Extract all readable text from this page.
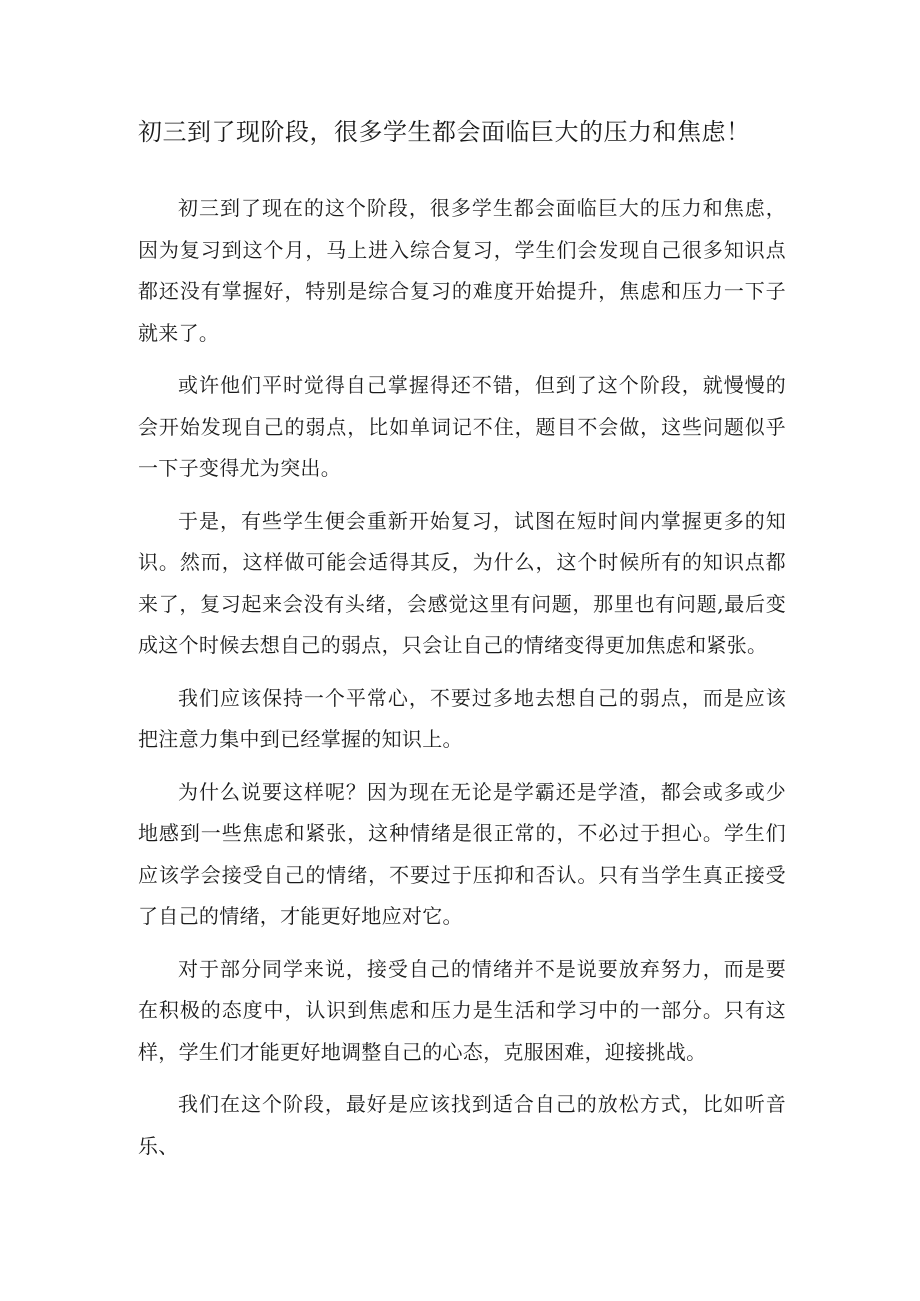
初三到了现阶段，很多学生都会面临巨大的压力和焦虑！

初三到了现在的这个阶段，很多学生都会面临巨大的压力和焦虑，因为复习到这个月，马上进入综合复习，学生们会发现自己很多知识点都还没有掌握好，特别是综合复习的难度开始提升，焦虑和压力一下子就来了。

或许他们平时觉得自己掌握得还不错，但到了这个阶段，就慢慢的会开始发现自己的弱点，比如单词记不住，题目不会做，这些问题似乎一下子变得尤为突出。

于是，有些学生便会重新开始复习，试图在短时间内掌握更多的知识。然而，这样做可能会适得其反，为什么，这个时候所有的知识点都来了，复习起来会没有头绪，会感觉这里有问题，那里也有问题,最后变成这个时候去想自己的弱点，只会让自己的情绪变得更加焦虑和紧张。

我们应该保持一个平常心，不要过多地去想自己的弱点，而是应该把注意力集中到已经掌握的知识上。

为什么说要这样呢？因为现在无论是学霸还是学渣，都会或多或少地感到一些焦虑和紧张，这种情绪是很正常的，不必过于担心。学生们应该学会接受自己的情绪，不要过于压抑和否认。只有当学生真正接受了自己的情绪，才能更好地应对它。

对于部分同学来说，接受自己的情绪并不是说要放弃努力，而是要在积极的态度中，认识到焦虑和压力是生活和学习中的一部分。只有这样，学生们才能更好地调整自己的心态，克服困难，迎接挑战。

我们在这个阶段，最好是应该找到适合自己的放松方式，比如听音乐、
